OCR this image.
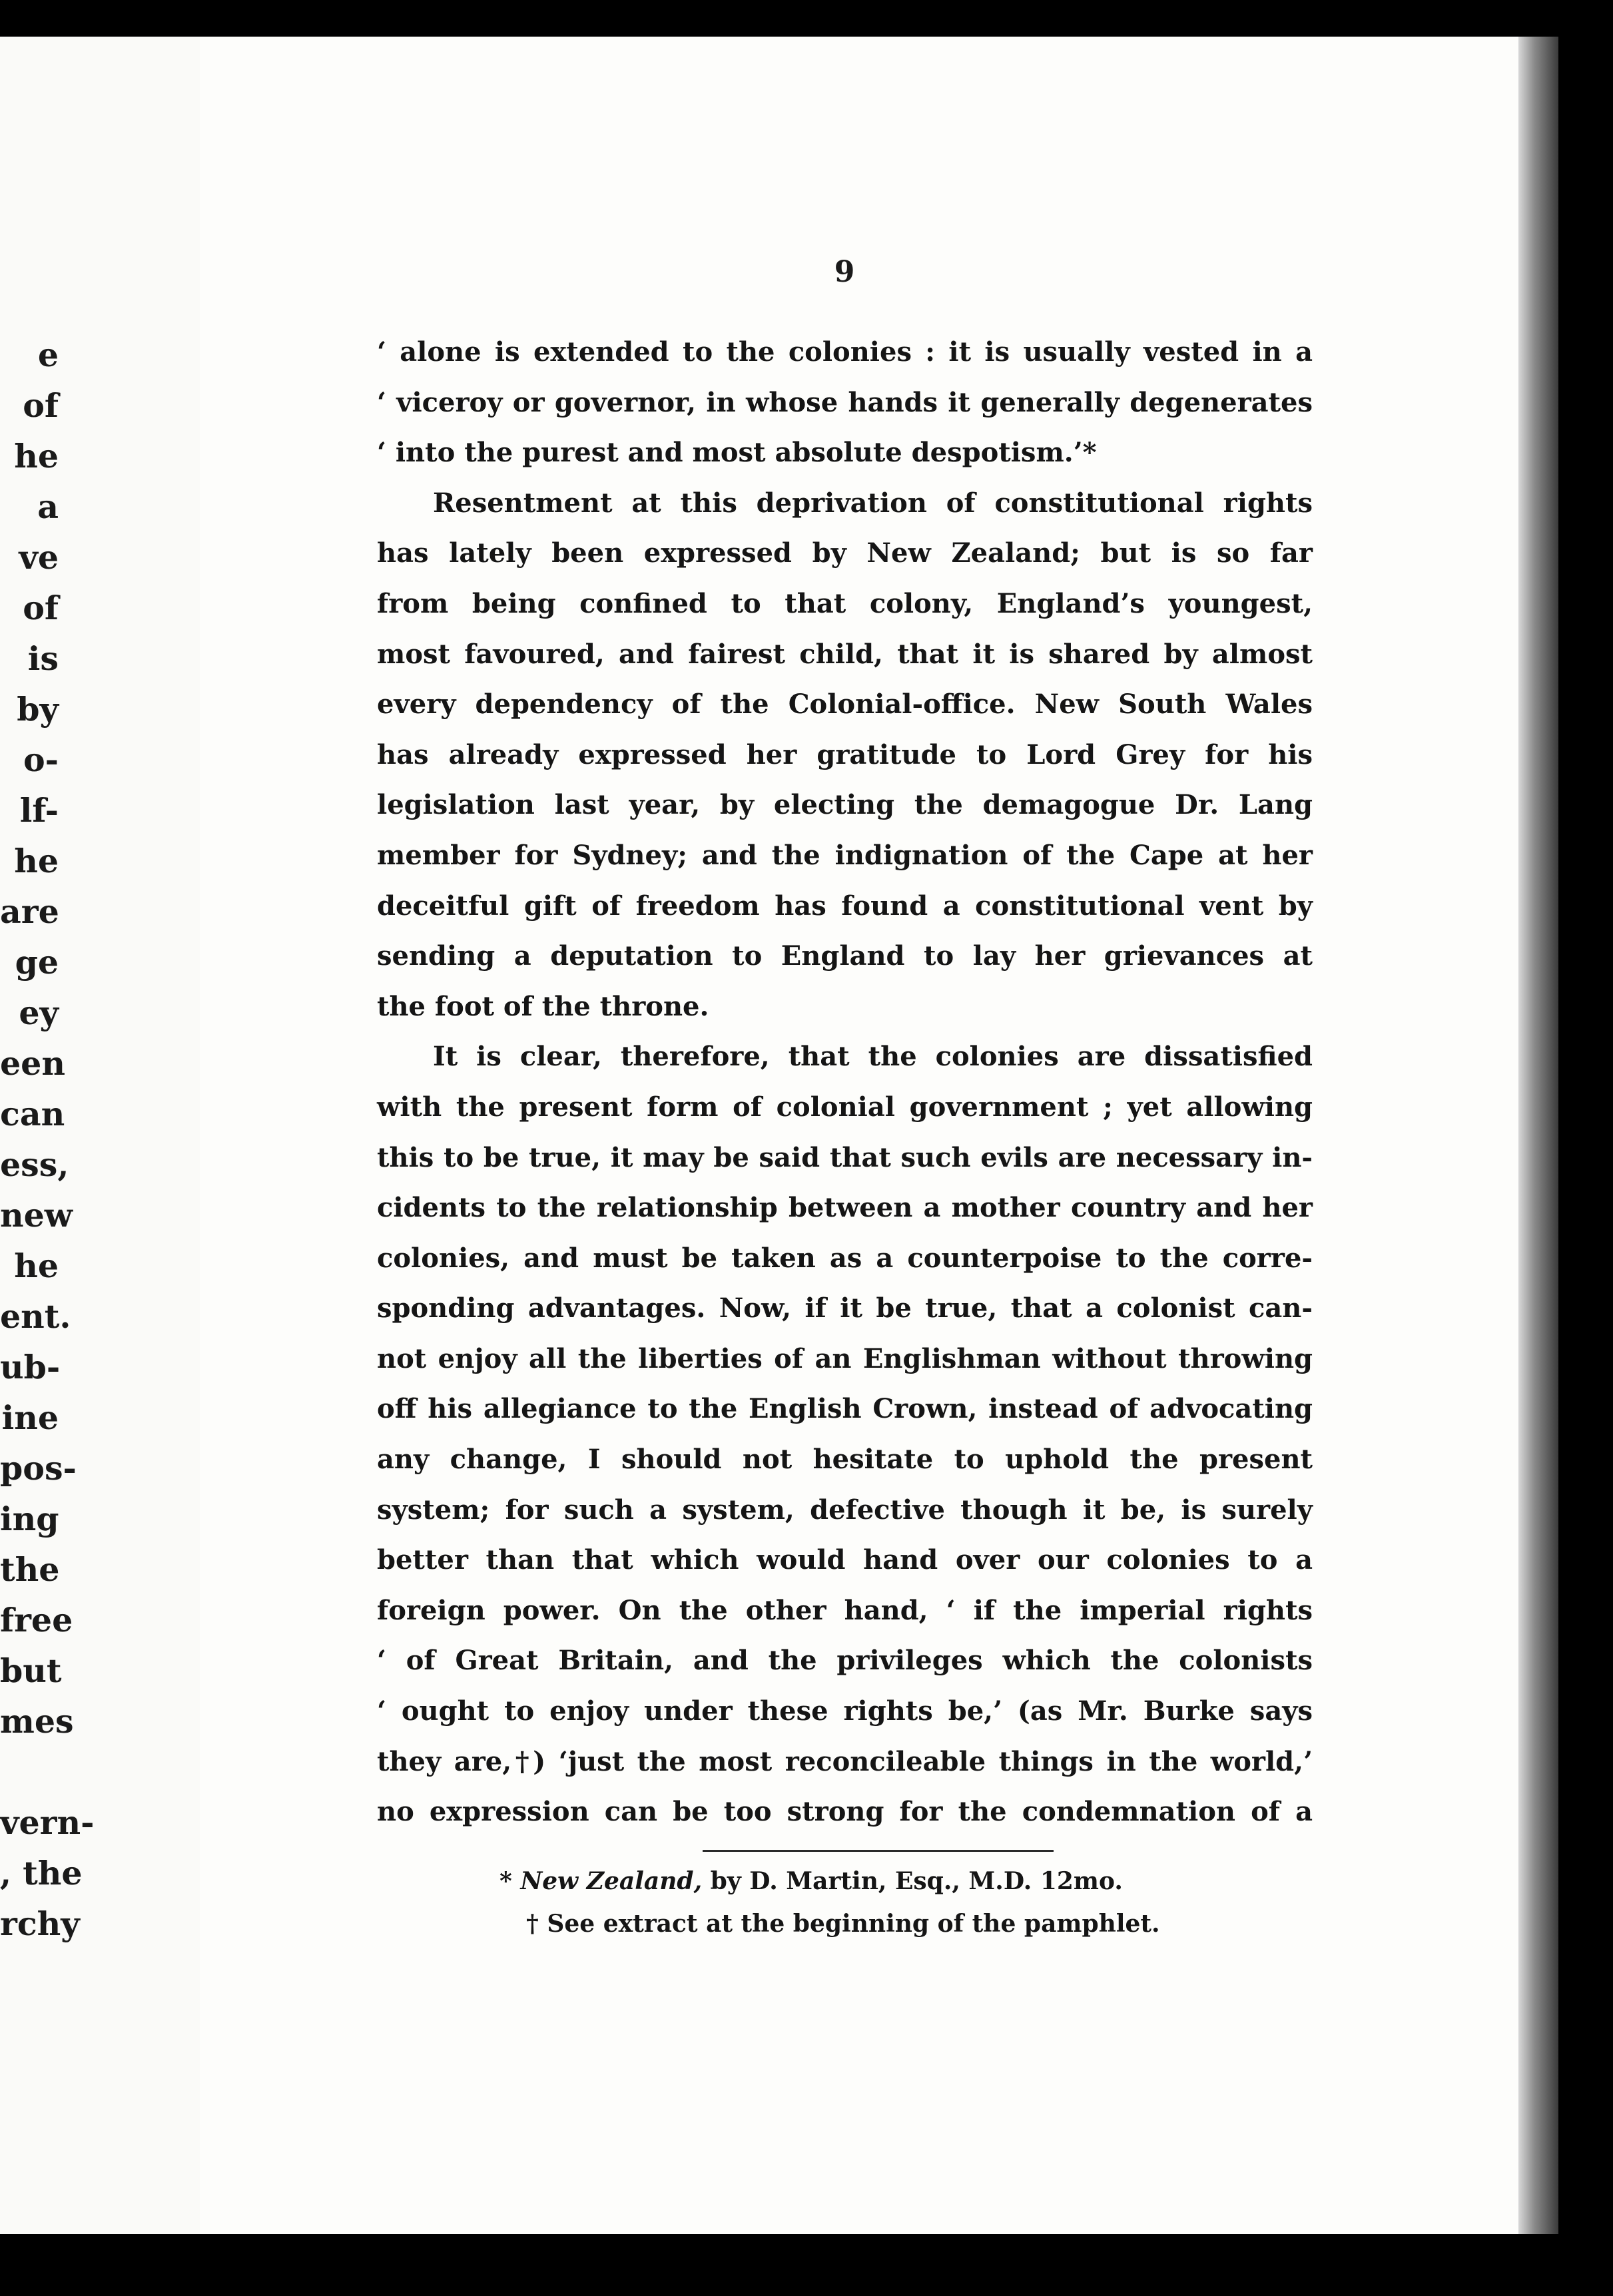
e
of
he
a
ve
of
is
by
o-
lf-
he
are
ge
ey
een
can
ess,
new
he
ent.
ub-
ine
pos-
ing
the
free
but
mes
vern-
, the
rchy
9
‘ alone is extended to the colonies : it is usually vested in a
‘ viceroy or governor, in whose hands it generally degenerates
‘ into the purest and most absolute despotism.’*
Resentment at this deprivation of constitutional rights
has lately been expressed by New Zealand; but is so far
from being confined to that colony, England’s youngest,
most favoured, and fairest child, that it is shared by almost
every dependency of the Colonial-office. New South Wales
has already expressed her gratitude to Lord Grey for his
legislation last year, by electing the demagogue Dr. Lang
member for Sydney; and the indignation of the Cape at her
deceitful gift of freedom has found a constitutional vent by
sending a deputation to England to lay her grievances at
the foot of the throne.
It is clear, therefore, that the colonies are dissatisfied
with the present form of colonial government ; yet allowing
this to be true, it may be said that such evils are necessary in-
cidents to the relationship between a mother country and her
colonies, and must be taken as a counterpoise to the corre-
sponding advantages. Now, if it be true, that a colonist can-
not enjoy all the liberties of an Englishman without throwing
off his allegiance to the English Crown, instead of advocating
any change, I should not hesitate to uphold the present
system; for such a system, defective though it be, is surely
better than that which would hand over our colonies to a
foreign power. On the other hand, ‘ if the imperial rights
‘ of Great Britain, and the privileges which the colonists
‘ ought to enjoy under these rights be,’ (as Mr. Burke says
they are,†) ‘just the most reconcileable things in the world,’
no expression can be too strong for the condemnation of a
* New Zealand, by D. Martin, Esq., M.D. 12mo.
† See extract at the beginning of the pamphlet.
